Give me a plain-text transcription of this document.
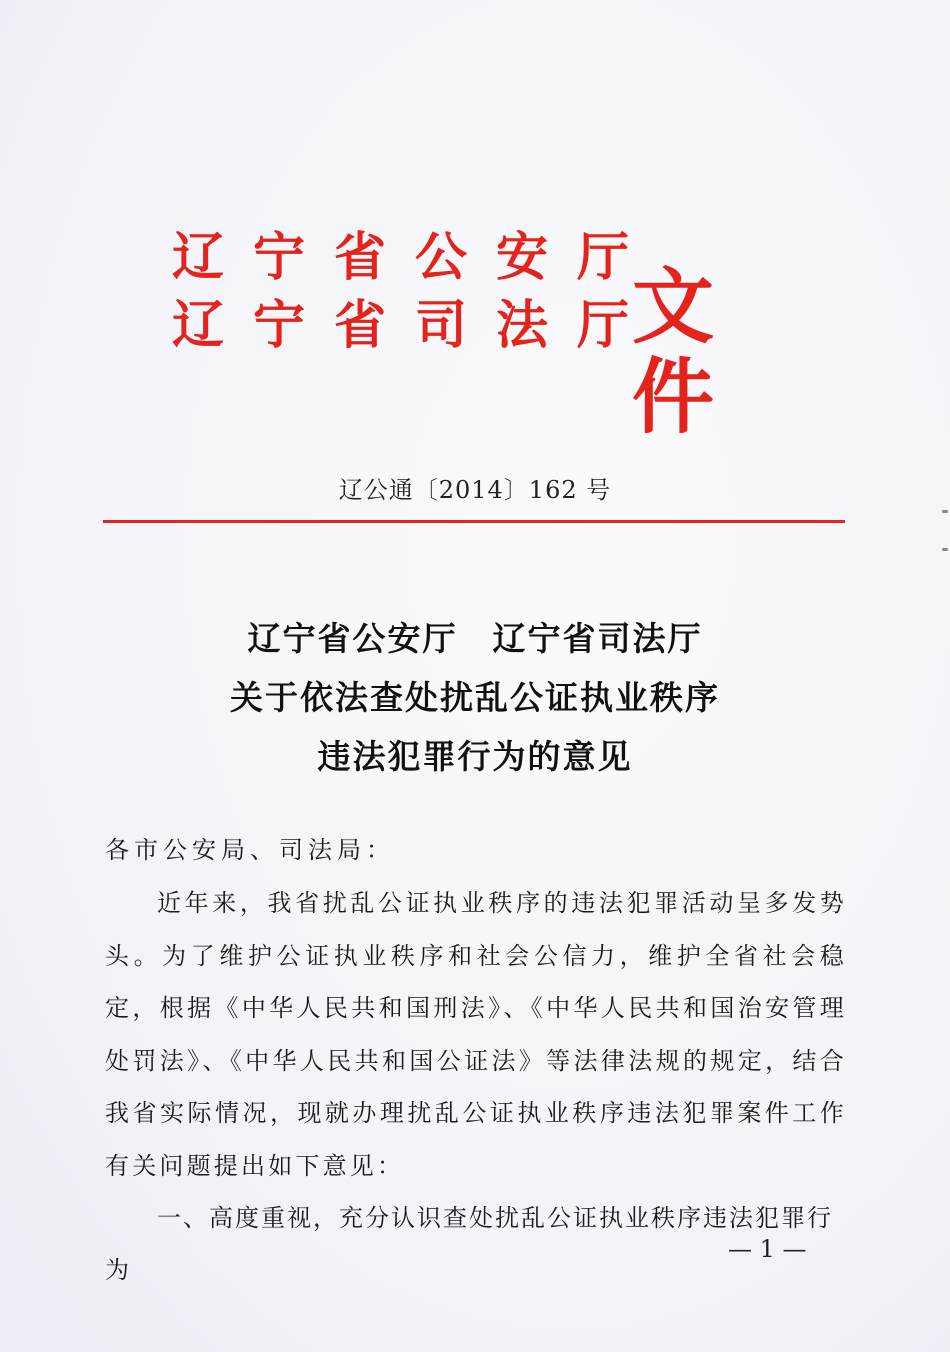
辽宁省公安厅
辽宁省司法厅
文件
辽公通〔2014〕162 号
辽宁省公安厅　辽宁省司法厅
关于依法查处扰乱公证执业秩序
违法犯罪行为的意见
各市公安局、司法局：
近年来，我省扰乱公证执业秩序的违法犯罪活动呈多发势头。为了维护公证执业秩序和社会公信力，维护全省社会稳定，根据《中华人民共和国刑法》、《中华人民共和国治安管理处罚法》、《中华人民共和国公证法》等法律法规的规定，结合我省实际情况，现就办理扰乱公证执业秩序违法犯罪案件工作有关问题提出如下意见：
一、高度重视，充分认识查处扰乱公证执业秩序违法犯罪行为
— 1 —
